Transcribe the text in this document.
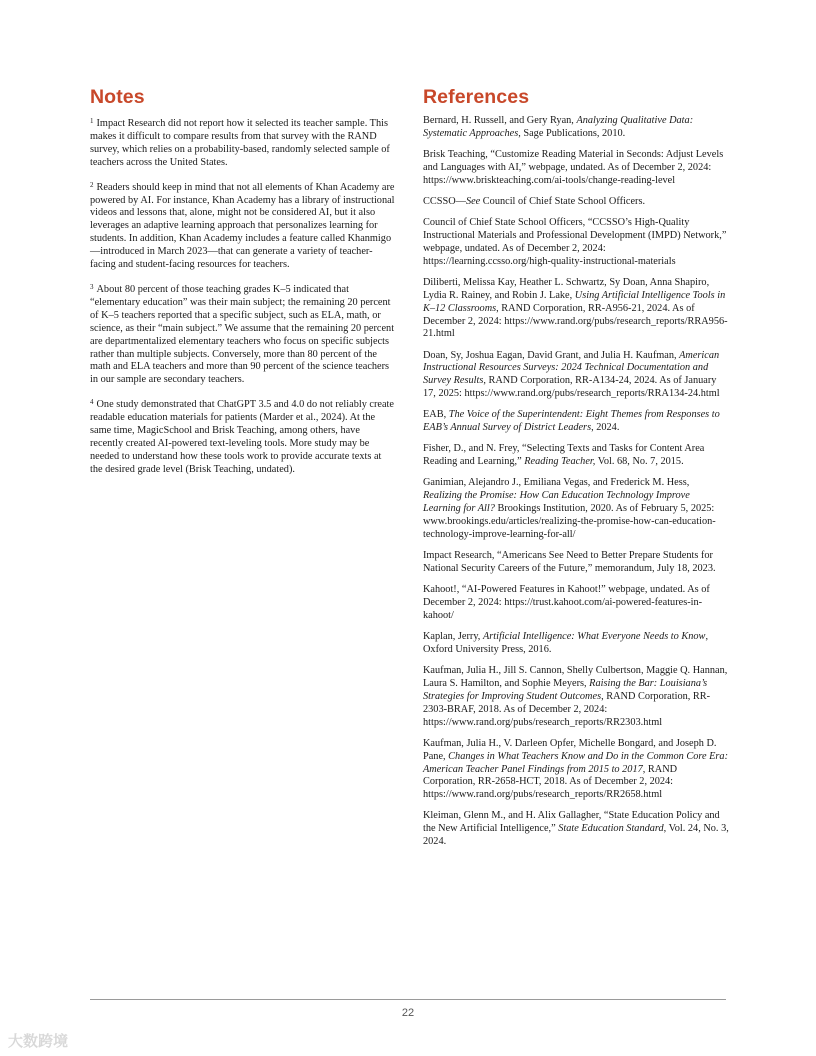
Notes

$^1$ Impact Research did not report how it selected its teacher sample. This makes it difficult to compare results from that survey with the RAND survey, which relies on a probability-based, randomly selected sample of teachers across the United States.

$^2$ Readers should keep in mind that not all elements of Khan Academy are powered by AI. For instance, Khan Academy has a library of instructional videos and lessons that, alone, might not be considered AI, but it also leverages an adaptive learning approach that personalizes learning for students. In addition, Khan Academy includes a feature called Khanmigo—introduced in March 2023—that can generate a variety of teacher-facing and student-facing resources for teachers.

$^3$ About 80 percent of those teaching grades K–5 indicated that “elementary education” was their main subject; the remaining 20 percent of K–5 teachers reported that a specific subject, such as ELA, math, or science, as their “main subject.” We assume that the remaining 20 percent are departmentalized elementary teachers who focus on specific subjects rather than multiple subjects. Conversely, more than 80 percent of the math and ELA teachers and more than 90 percent of the science teachers in our sample are secondary teachers.

$^4$ One study demonstrated that ChatGPT 3.5 and 4.0 do not reliably create readable education materials for patients (Marder et al., 2024). At the same time, MagicSchool and Brisk Teaching, among others, have recently created AI-powered text-leveling tools. More study may be needed to understand how these tools work to provide accurate texts at the desired grade level (Brisk Teaching, undated).

References

Bernard, H. Russell, and Gery Ryan, Analyzing Qualitative Data: Systematic Approaches, Sage Publications, 2010.

Brisk Teaching, “Customize Reading Material in Seconds: Adjust Levels and Languages with AI,” webpage, undated. As of December 2, 2024: https://www.briskteaching.com/ai-tools/change-reading-level

CCSSO—See Council of Chief State School Officers.

Council of Chief State School Officers, “CCSSO’s High-Quality Instructional Materials and Professional Development (IMPD) Network,” webpage, undated. As of December 2, 2024: https://learning.ccsso.org/high-quality-instructional-materials

Diliberti, Melissa Kay, Heather L. Schwartz, Sy Doan, Anna Shapiro, Lydia R. Rainey, and Robin J. Lake, Using Artificial Intelligence Tools in K–12 Classrooms, RAND Corporation, RR-A956-21, 2024. As of December 2, 2024: https://www.rand.org/pubs/research_reports/RRA956-21.html

Doan, Sy, Joshua Eagan, David Grant, and Julia H. Kaufman, American Instructional Resources Surveys: 2024 Technical Documentation and Survey Results, RAND Corporation, RR-A134-24, 2024. As of January 17, 2025: https://www.rand.org/pubs/research_reports/RRA134-24.html

EAB, The Voice of the Superintendent: Eight Themes from Responses to EAB’s Annual Survey of District Leaders, 2024.

Fisher, D., and N. Frey, “Selecting Texts and Tasks for Content Area Reading and Learning,” Reading Teacher, Vol. 68, No. 7, 2015.

Ganimian, Alejandro J., Emiliana Vegas, and Frederick M. Hess, Realizing the Promise: How Can Education Technology Improve Learning for All? Brookings Institution, 2020. As of February 5, 2025: www.brookings.edu/articles/realizing-the-promise-how-can-education-technology-improve-learning-for-all/

Impact Research, “Americans See Need to Better Prepare Students for National Security Careers of the Future,” memorandum, July 18, 2023.

Kahoot!, “AI-Powered Features in Kahoot!” webpage, undated. As of December 2, 2024: https://trust.kahoot.com/ai-powered-features-in-kahoot/

Kaplan, Jerry, Artificial Intelligence: What Everyone Needs to Know, Oxford University Press, 2016.

Kaufman, Julia H., Jill S. Cannon, Shelly Culbertson, Maggie Q. Hannan, Laura S. Hamilton, and Sophie Meyers, Raising the Bar: Louisiana’s Strategies for Improving Student Outcomes, RAND Corporation, RR-2303-BRAF, 2018. As of December 2, 2024: https://www.rand.org/pubs/research_reports/RR2303.html

Kaufman, Julia H., V. Darleen Opfer, Michelle Bongard, and Joseph D. Pane, Changes in What Teachers Know and Do in the Common Core Era: American Teacher Panel Findings from 2015 to 2017, RAND Corporation, RR-2658-HCT, 2018. As of December 2, 2024: https://www.rand.org/pubs/research_reports/RR2658.html

Kleiman, Glenn M., and H. Alix Gallagher, “State Education Policy and the New Artificial Intelligence,” State Education Standard, Vol. 24, No. 3, 2024.

22
大数跨境
